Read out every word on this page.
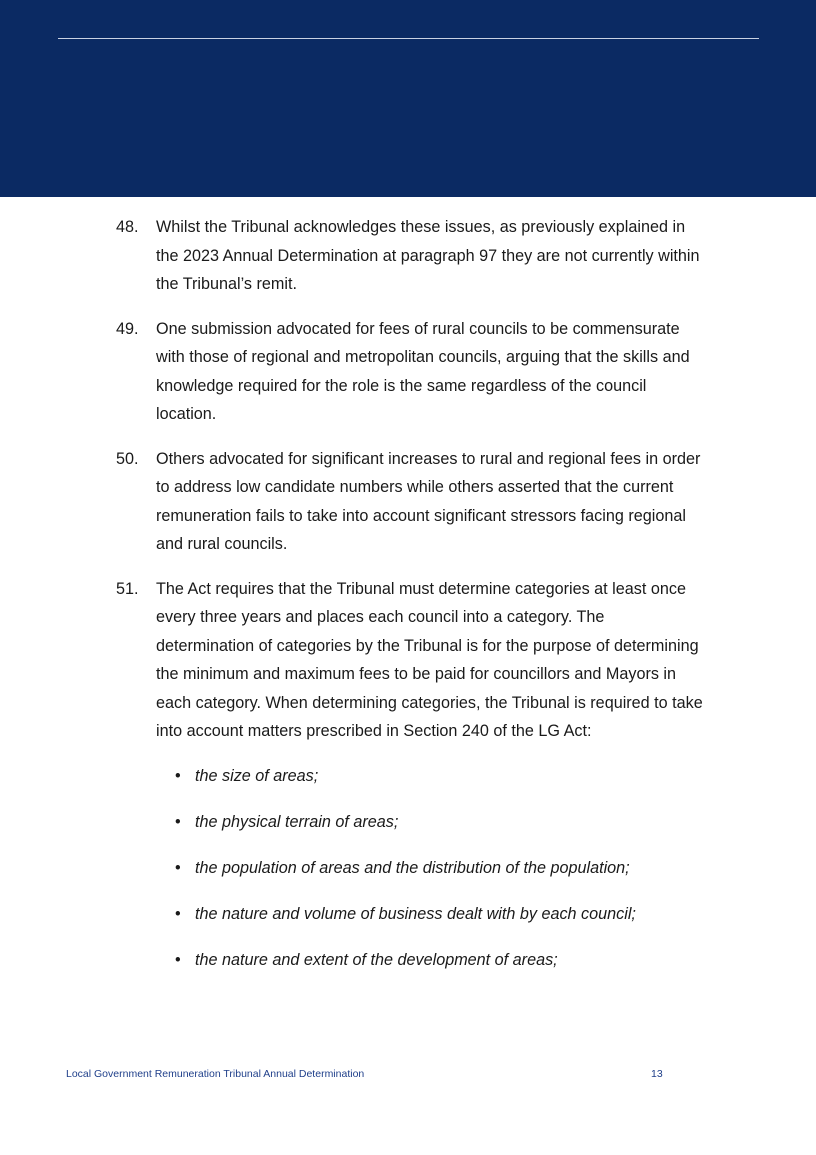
48. Whilst the Tribunal acknowledges these issues, as previously explained in the 2023 Annual Determination at paragraph 97 they are not currently within the Tribunal’s remit.
49. One submission advocated for fees of rural councils to be commensurate with those of regional and metropolitan councils, arguing that the skills and knowledge required for the role is the same regardless of the council location.
50. Others advocated for significant increases to rural and regional fees in order to address low candidate numbers while others asserted that the current remuneration fails to take into account significant stressors facing regional and rural councils.
51. The Act requires that the Tribunal must determine categories at least once every three years and places each council into a category. The determination of categories by the Tribunal is for the purpose of determining the minimum and maximum fees to be paid for councillors and Mayors in each category. When determining categories, the Tribunal is required to take into account matters prescribed in Section 240 of the LG Act:
• the size of areas;
• the physical terrain of areas;
• the population of areas and the distribution of the population;
• the nature and volume of business dealt with by each council;
• the nature and extent of the development of areas;
Local Government Remuneration Tribunal Annual Determination	13
